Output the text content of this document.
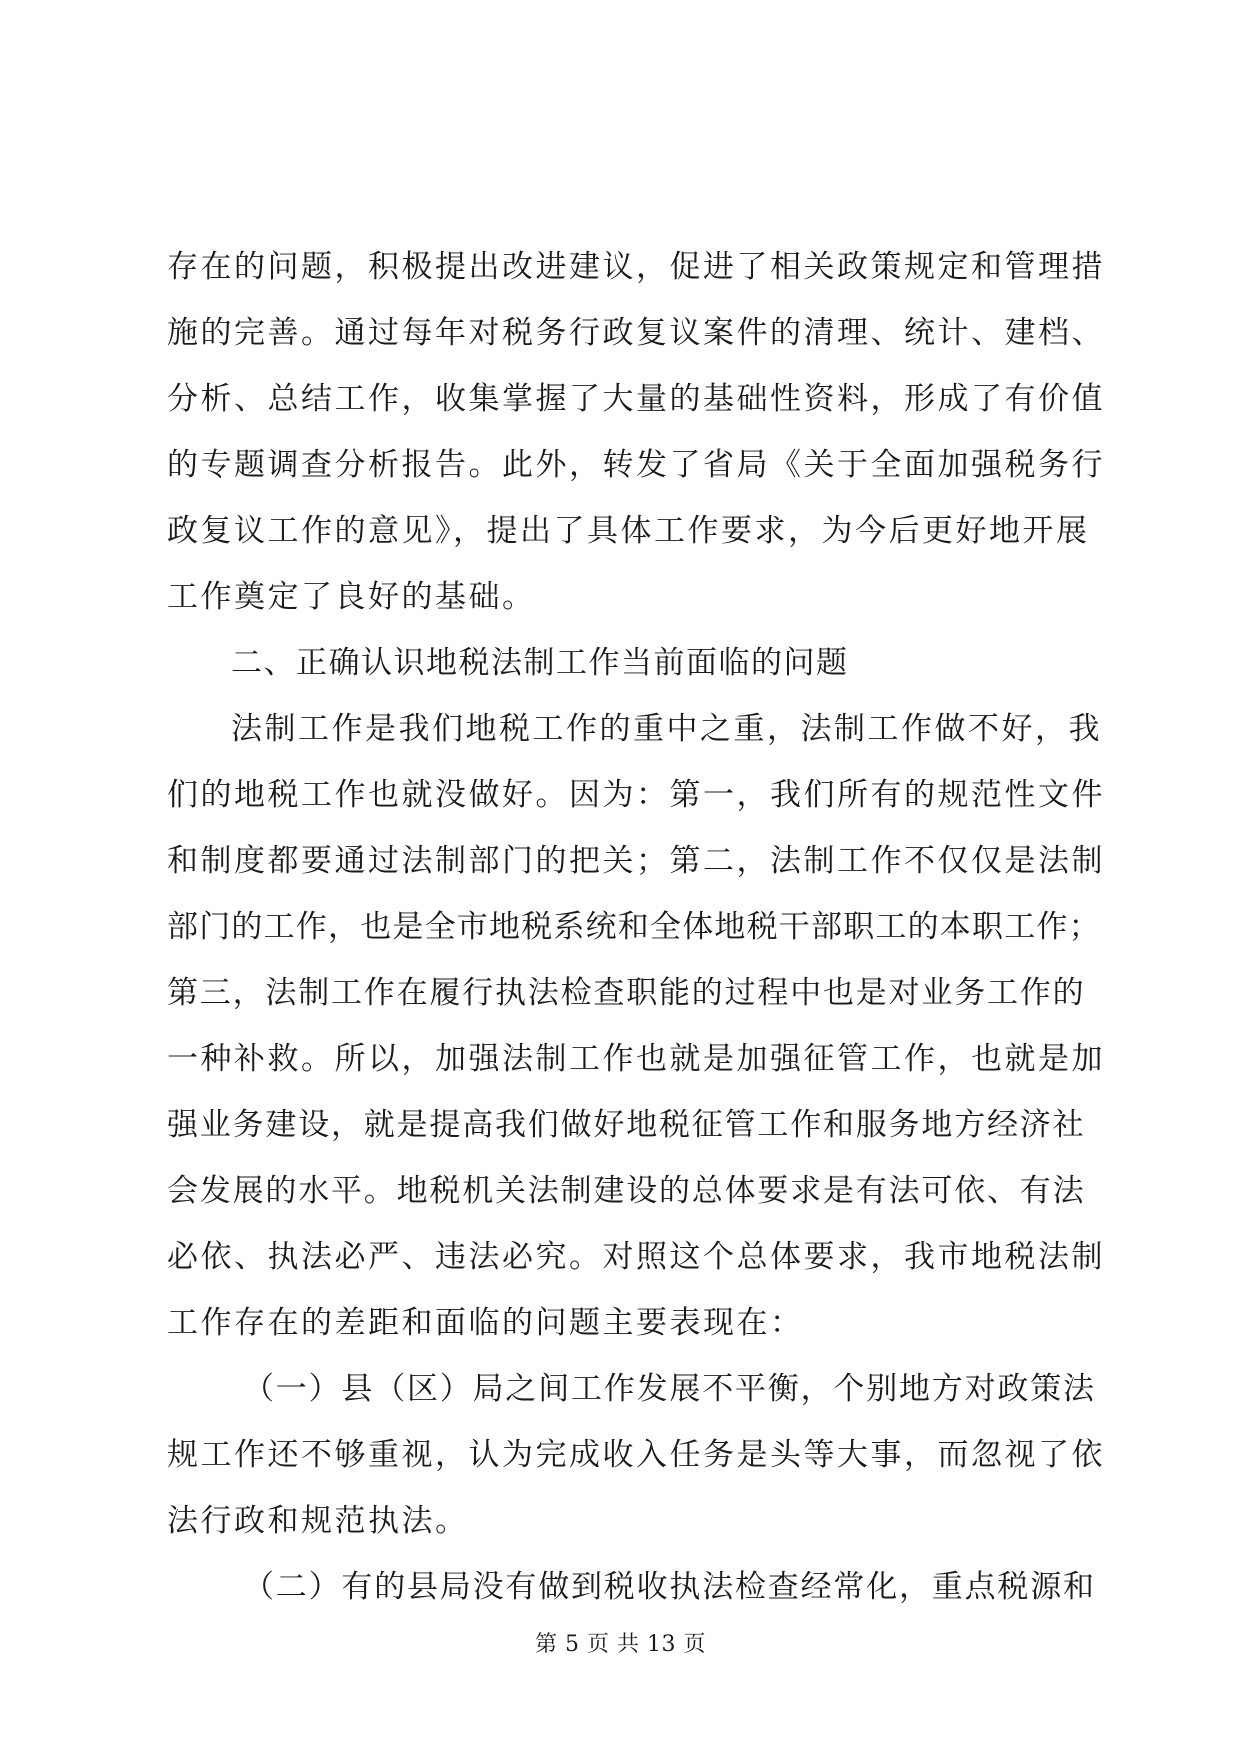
存在的问题，积极提出改进建议，促进了相关政策规定和管理措
施的完善。通过每年对税务行政复议案件的清理、统计、建档、
分析、总结工作，收集掌握了大量的基础性资料，形成了有价值
的专题调查分析报告。此外，转发了省局《关于全面加强税务行
政复议工作的意见》，提出了具体工作要求，为今后更好地开展
工作奠定了良好的基础。
二、正确认识地税法制工作当前面临的问题
法制工作是我们地税工作的重中之重，法制工作做不好，我
们的地税工作也就没做好。因为：第一，我们所有的规范性文件
和制度都要通过法制部门的把关；第二，法制工作不仅仅是法制
部门的工作，也是全市地税系统和全体地税干部职工的本职工作；
第三，法制工作在履行执法检查职能的过程中也是对业务工作的
一种补救。所以，加强法制工作也就是加强征管工作，也就是加
强业务建设，就是提高我们做好地税征管工作和服务地方经济社
会发展的水平。地税机关法制建设的总体要求是有法可依、有法
必依、执法必严、违法必究。对照这个总体要求，我市地税法制
工作存在的差距和面临的问题主要表现在：
（一）县（区）局之间工作发展不平衡，个别地方对政策法
规工作还不够重视，认为完成收入任务是头等大事，而忽视了依
法行政和规范执法。
（二）有的县局没有做到税收执法检查经常化，重点税源和
第 5 页 共 13 页
